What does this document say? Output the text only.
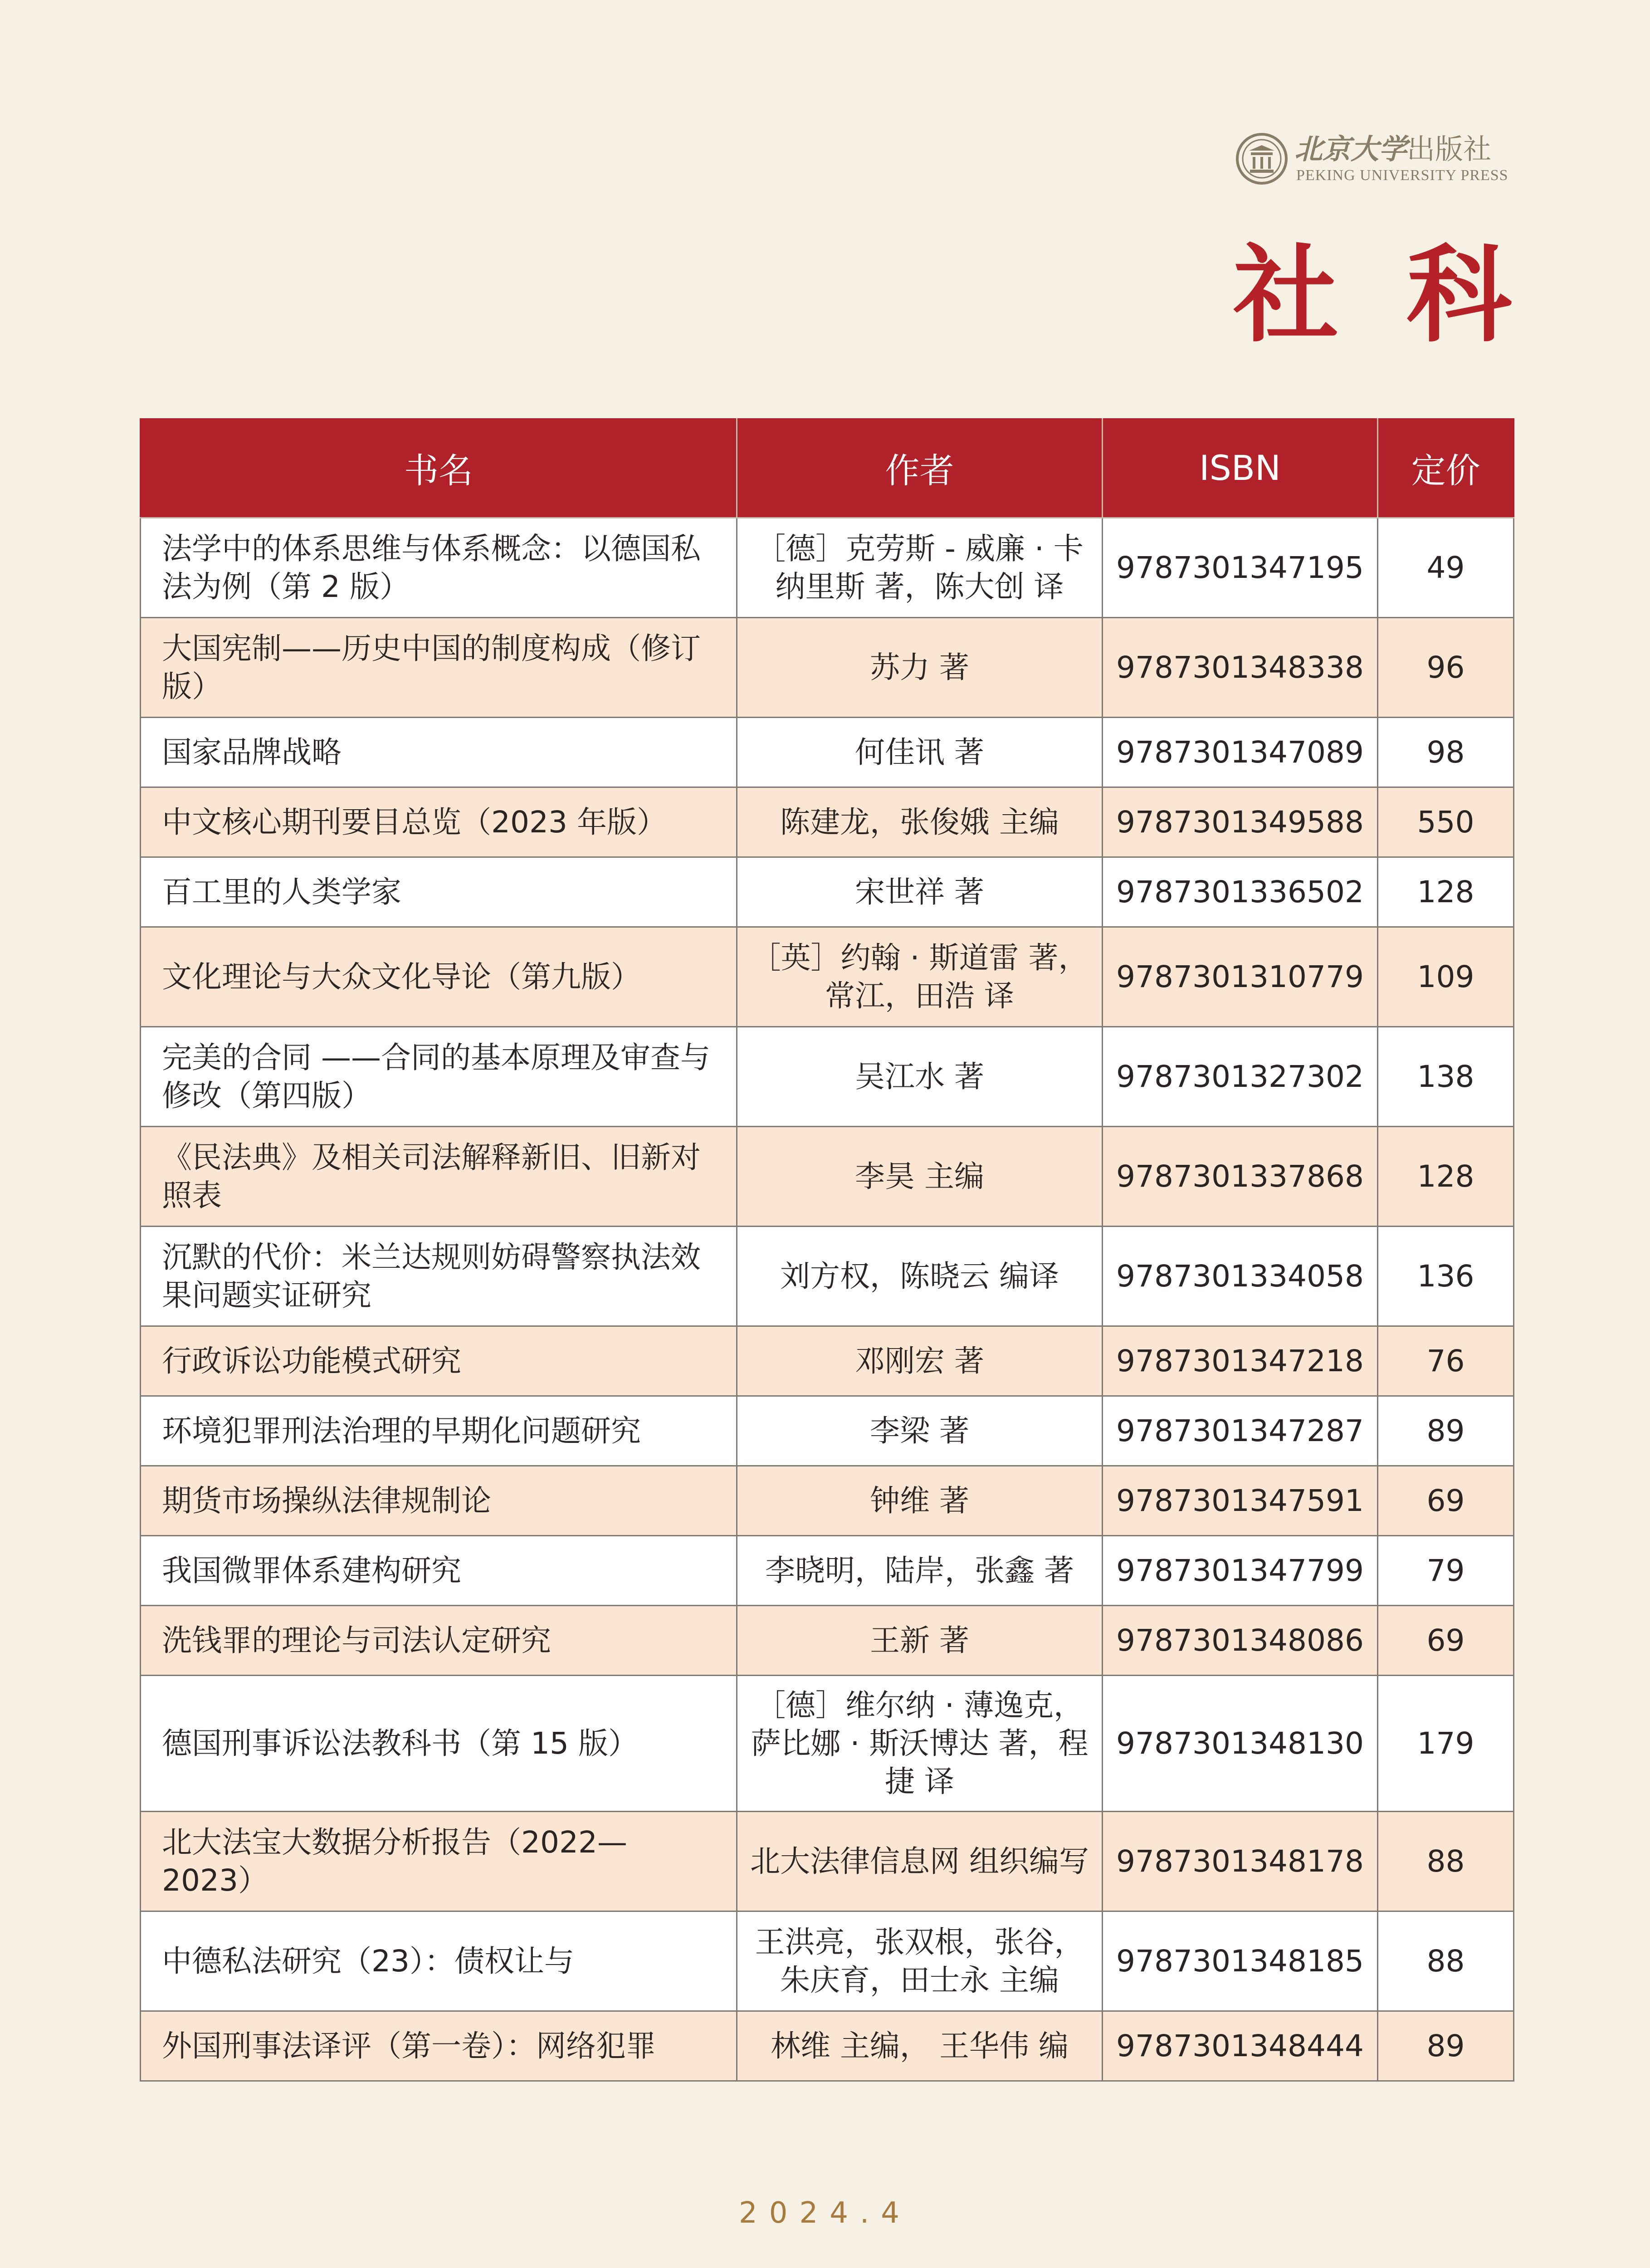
北京大学出版社
PEKING UNIVERSITY PRESS
社科
书名	作者	ISBN	定价
法学中的体系思维与体系概念：以德国私法为例（第 2 版）	［德］克劳斯 - 威廉 · 卡纳里斯 著，陈大创 译	9787301347195	49
大国宪制——历史中国的制度构成（修订版）	苏力 著	9787301348338	96
国家品牌战略	何佳讯 著	9787301347089	98
中文核心期刊要目总览（2023 年版）	陈建龙，张俊娥 主编	9787301349588	550
百工里的人类学家	宋世祥 著	9787301336502	128
文化理论与大众文化导论（第九版）	［英］约翰 · 斯道雷 著，常江，田浩 译	9787301310779	109
完美的合同 ——合同的基本原理及审查与修改（第四版）	吴江水 著	9787301327302	138
《民法典》及相关司法解释新旧、旧新对照表	李昊 主编	9787301337868	128
沉默的代价：米兰达规则妨碍警察执法效果问题实证研究	刘方权，陈晓云 编译	9787301334058	136
行政诉讼功能模式研究	邓刚宏 著	9787301347218	76
环境犯罪刑法治理的早期化问题研究	李梁 著	9787301347287	89
期货市场操纵法律规制论	钟维 著	9787301347591	69
我国微罪体系建构研究	李晓明，陆岸，张鑫 著	9787301347799	79
洗钱罪的理论与司法认定研究	王新 著	9787301348086	69
德国刑事诉讼法教科书（第 15 版）	［德］维尔纳 · 薄逸克，萨比娜 · 斯沃博达 著，程捷 译	9787301348130	179
北大法宝大数据分析报告（2022—2023）	北大法律信息网 组织编写	9787301348178	88
中德私法研究（23）：债权让与	王洪亮，张双根，张谷，朱庆育，田士永 主编	9787301348185	88
外国刑事法译评（第一卷）：网络犯罪	林维 主编， 王华伟 编	9787301348444	89
2024.4
